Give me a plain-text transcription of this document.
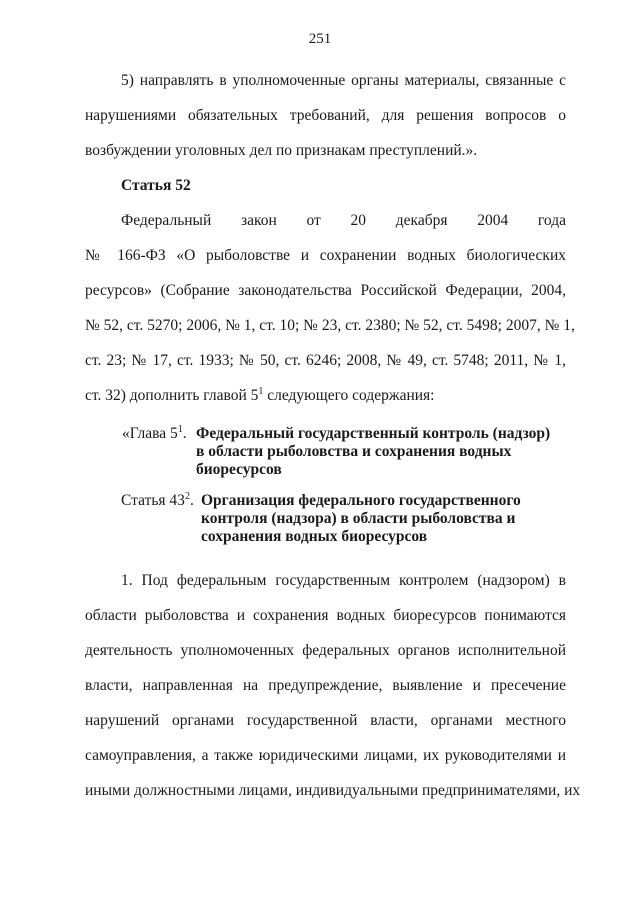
251
5) направлять в уполномоченные органы материалы, связанные с
нарушениями обязательных требований, для решения вопросов о
возбуждении уголовных дел по признакам преступлений.».
Статья 52
Федеральный закон от 20 декабря 2004 года
№ 166-ФЗ «О рыболовстве и сохранении водных биологических
ресурсов» (Собрание законодательства Российской Федерации, 2004,
№ 52, ст. 5270; 2006, № 1, ст. 10; № 23, ст. 2380; № 52, ст. 5498; 2007, № 1,
ст. 23; № 17, ст. 1933; № 50, ст. 6246; 2008, № 49, ст. 5748; 2011, № 1,
ст. 32) дополнить главой $5^1$ следующего содержания:
«Глава $5^1$. Федеральный государственный контроль (надзор)
в области рыболовства и сохранения водных
биоресурсов
Статья $43^2$. Организация федерального государственного
контроля (надзора) в области рыболовства и
сохранения водных биоресурсов
1. Под федеральным государственным контролем (надзором) в
области рыболовства и сохранения водных биоресурсов понимаются
деятельность уполномоченных федеральных органов исполнительной
власти, направленная на предупреждение, выявление и пресечение
нарушений органами государственной власти, органами местного
самоуправления, а также юридическими лицами, их руководителями и
иными должностными лицами, индивидуальными предпринимателями, их
